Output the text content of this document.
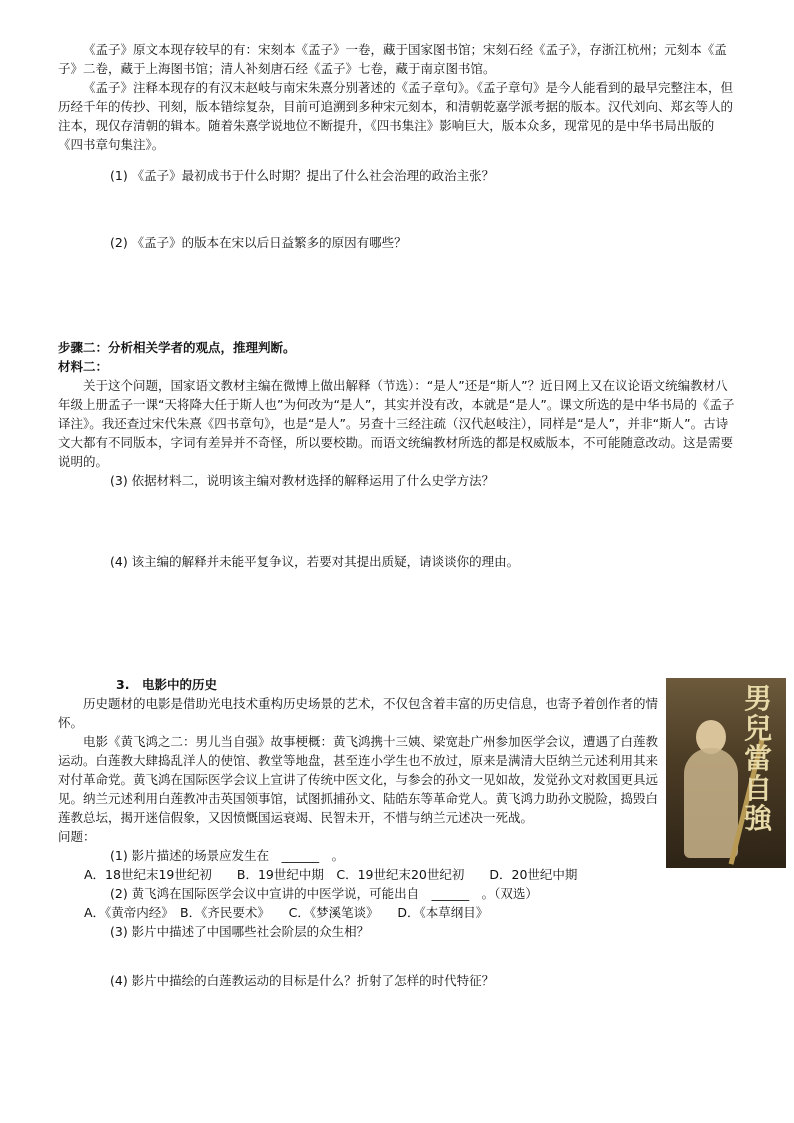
《孟子》原文本现存较早的有：宋刻本《孟子》一卷，藏于国家图书馆；宋刻石经《孟子》，存浙江杭州；元刻本《孟子》二卷，藏于上海图书馆；清人补刻唐石经《孟子》七卷，藏于南京图书馆。

《孟子》注释本现存的有汉末赵岐与南宋朱熹分别著述的《孟子章句》。《孟子章句》是今人能看到的最早完整注本，但历经千年的传抄、刊刻，版本错综复杂，目前可追溯到多种宋元刻本，和清朝乾嘉学派考据的版本。汉代刘向、郑玄等人的注本，现仅存清朝的辑本。随着朱熹学说地位不断提升，《四书集注》影响巨大，版本众多，现常见的是中华书局出版的《四书章句集注》。

(1) 《孟子》最初成书于什么时期？提出了什么社会治理的政治主张？

(2) 《孟子》的版本在宋以后日益繁多的原因有哪些？

步骤二：分析相关学者的观点，推理判断。

材料二：

关于这个问题，国家语文教材主编在微博上做出解释（节选）：“是人”还是“斯人”？近日网上又在议论语文统编教材八年级上册孟子一课“天将降大任于斯人也”为何改为“是人”，其实并没有改，本就是“是人”。课文所选的是中华书局的《孟子译注》。我还查过宋代朱熹《四书章句》，也是“是人”。另查十三经注疏（汉代赵岐注），同样是“是人”，并非“斯人”。古诗文大都有不同版本，字词有差异并不奇怪，所以要校勘。而语文统编教材所选的都是权威版本，不可能随意改动。这是需要说明的。

(3) 依据材料二，说明该主编对教材选择的解释运用了什么史学方法？

(4) 该主编的解释并未能平复争议，若要对其提出质疑，请谈谈你的理由。

3.　电影中的历史

历史题材的电影是借助光电技术重构历史场景的艺术，不仅包含着丰富的历史信息，也寄予着创作者的情怀。

电影《黄飞鸿之二：男儿当自强》故事梗概：黄飞鸿携十三姨、梁宽赴广州参加医学会议，遭遇了白莲教运动。白莲教大肆捣乱洋人的使馆、教堂等地盘，甚至连小学生也不放过，原来是满清大臣纳兰元述利用其来对付革命党。黄飞鸿在国际医学会议上宣讲了传统中医文化，与参会的孙文一见如故，发觉孙文对救国更具远见。纳兰元述利用白莲教冲击英国领事馆，试图抓捕孙文、陆皓东等革命党人。黄飞鸿力助孙文脱险，捣毁白莲教总坛，揭开迷信假象，又因愤慨国运衰竭、民智未开，不惜与纳兰元述决一死战。

问题：

(1) 影片描述的场景应发生在　______　。

A．18世纪末19世纪初　　B．19世纪中期　C．19世纪末20世纪初　　D．20世纪中期

(2) 黄飞鸿在国际医学会议中宣讲的中医学说，可能出自　______　。（双选）

A．《黄帝内经》　B．《齐民要术》　　C．《梦溪笔谈》　　D．《本草纲目》

(3) 影片中描述了中国哪些社会阶层的众生相？

(4) 影片中描绘的白莲教运动的目标是什么？折射了怎样的时代特征？

男兒當自強
